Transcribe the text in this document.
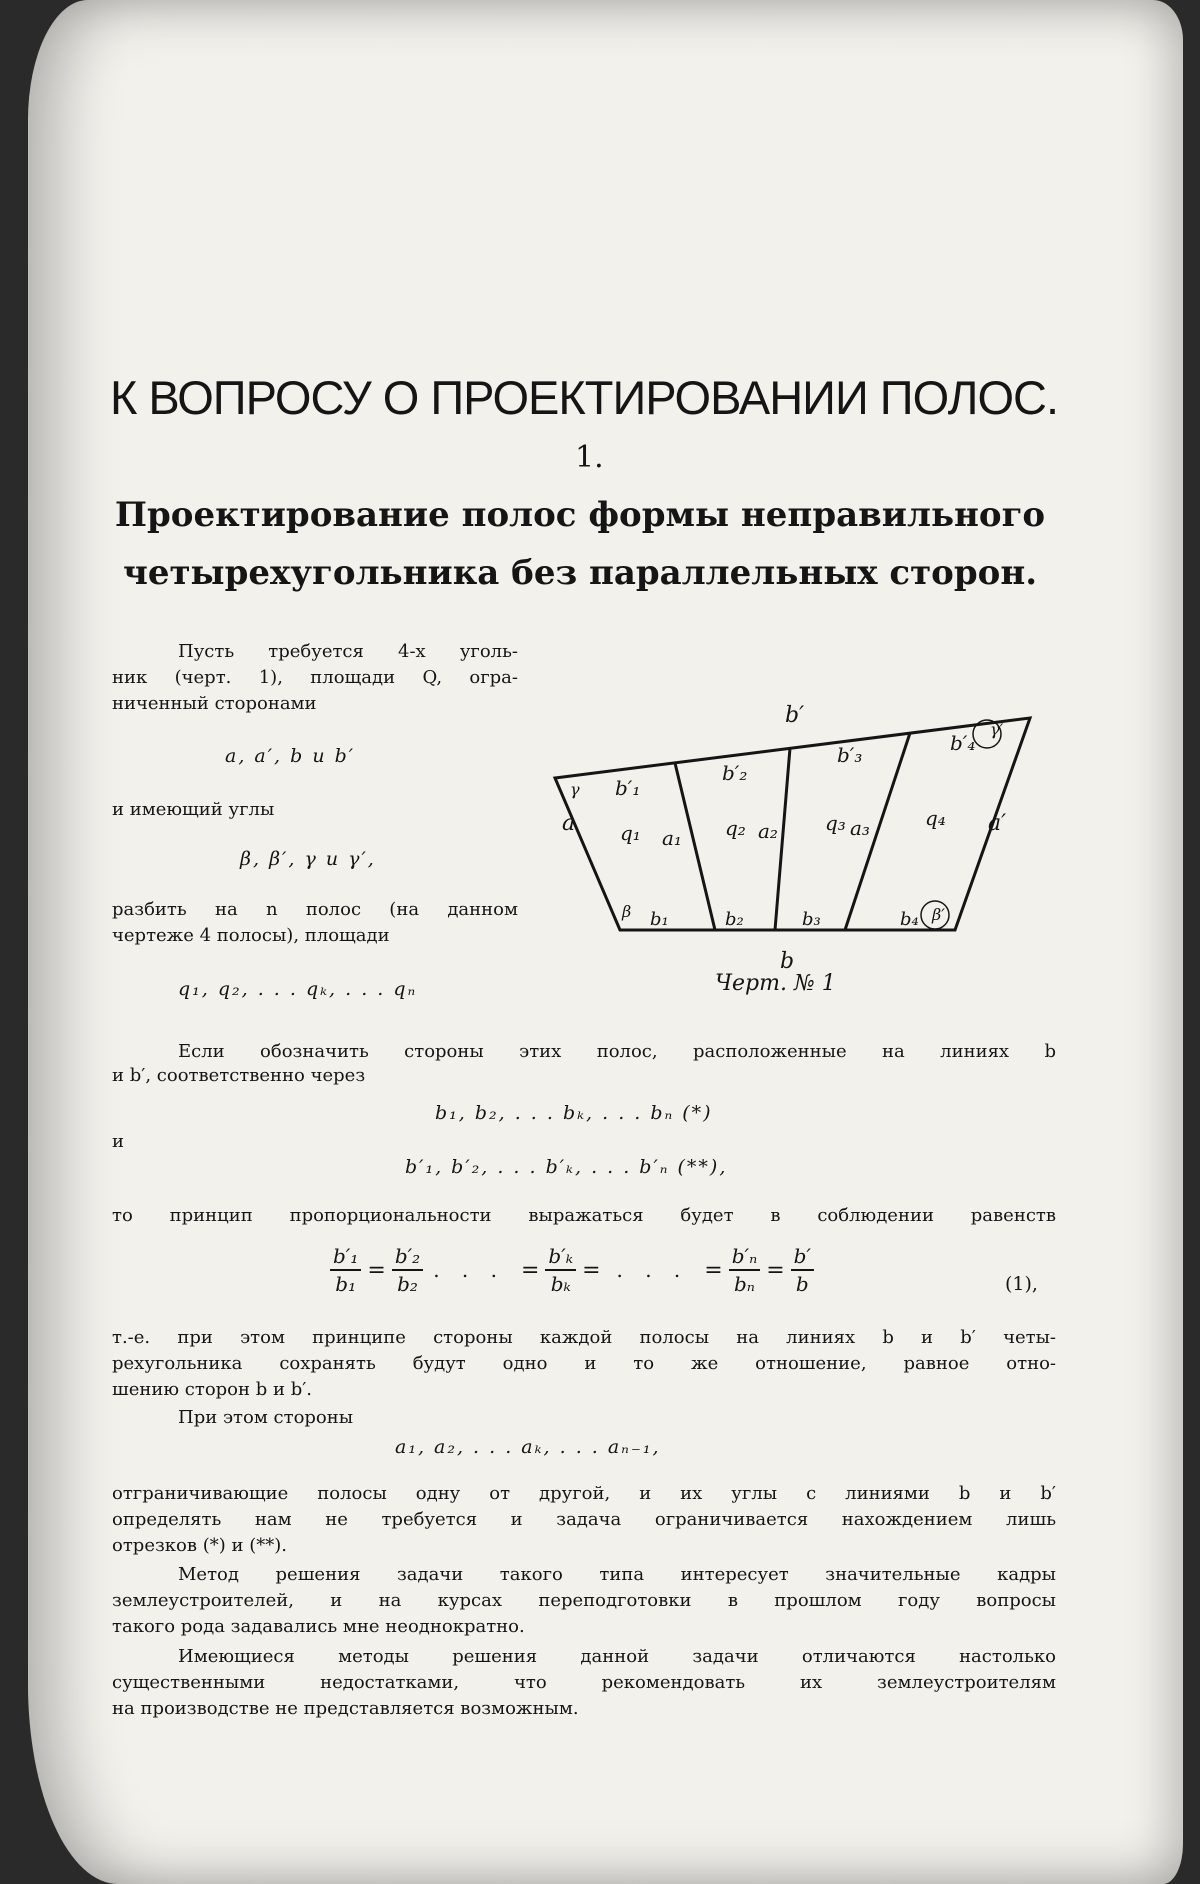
К ВОПРОСУ О ПРОЕКТИРОВАНИИ ПОЛОС.
1.
Проектирование полос формы неправильного
четырехугольника без параллельных сторон.
Пусть требуется 4-х уголь-
ник (черт. 1), площади Q, огра-
ниченный сторонами
a, a′, b и b′
и имеющий углы
β, β′, γ и γ′,
разбить на n полос (на данном
чертеже 4 полосы), площади
q₁, q₂, . . . qₖ, . . . qₙ
b′
b
a	a′
γ
γ′
β	β′
b′₁
b′₂
b′₃	b′₄
b₁	b₂	b₃	b₄
q₁	q₂	q₃	q₄
a₁	a₂	a₃
Черт. № 1
Если обозначить стороны этих полос, расположенные на линиях b
и b′, соответственно через
b₁, b₂, . . . bₖ, . . . bₙ (*)
и
b′₁, b′₂, . . . b′ₖ, . . . b′ₙ (**),
то принцип пропорциональности выражаться будет в соблюдении равенств
$\frac{\text{b′₁}}{\text{b₁}} = \frac{\text{b′₂}}{\text{b₂}}$ . . . = $\frac{\text{b′ₖ}}{\text{bₖ}}$ = . . . = $\frac{\text{b′ₙ}}{\text{bₙ}} = \frac{b'}{b}$	(1),
т.-е. при этом принципе стороны каждой полосы на линиях b и b′ четы-
рехугольника сохранять будут одно и то же отношение, равное отно-
шению сторон b и b′.
При этом стороны
a₁, a₂, . . . aₖ, . . . aₙ₋₁,
отграничивающие полосы одну от другой, и их углы с линиями b и b′
определять нам не требуется и задача ограничивается нахождением лишь
отрезков (*) и (**).
Метод решения задачи такого типа интересует значительные кадры
землеустроителей, и на курсах переподготовки в прошлом году вопросы
такого рода задавались мне неоднократно.
Имеющиеся методы решения данной задачи отличаются настолько
существенными недостатками, что рекомендовать их землеустроителям
на производстве не представляется возможным.
